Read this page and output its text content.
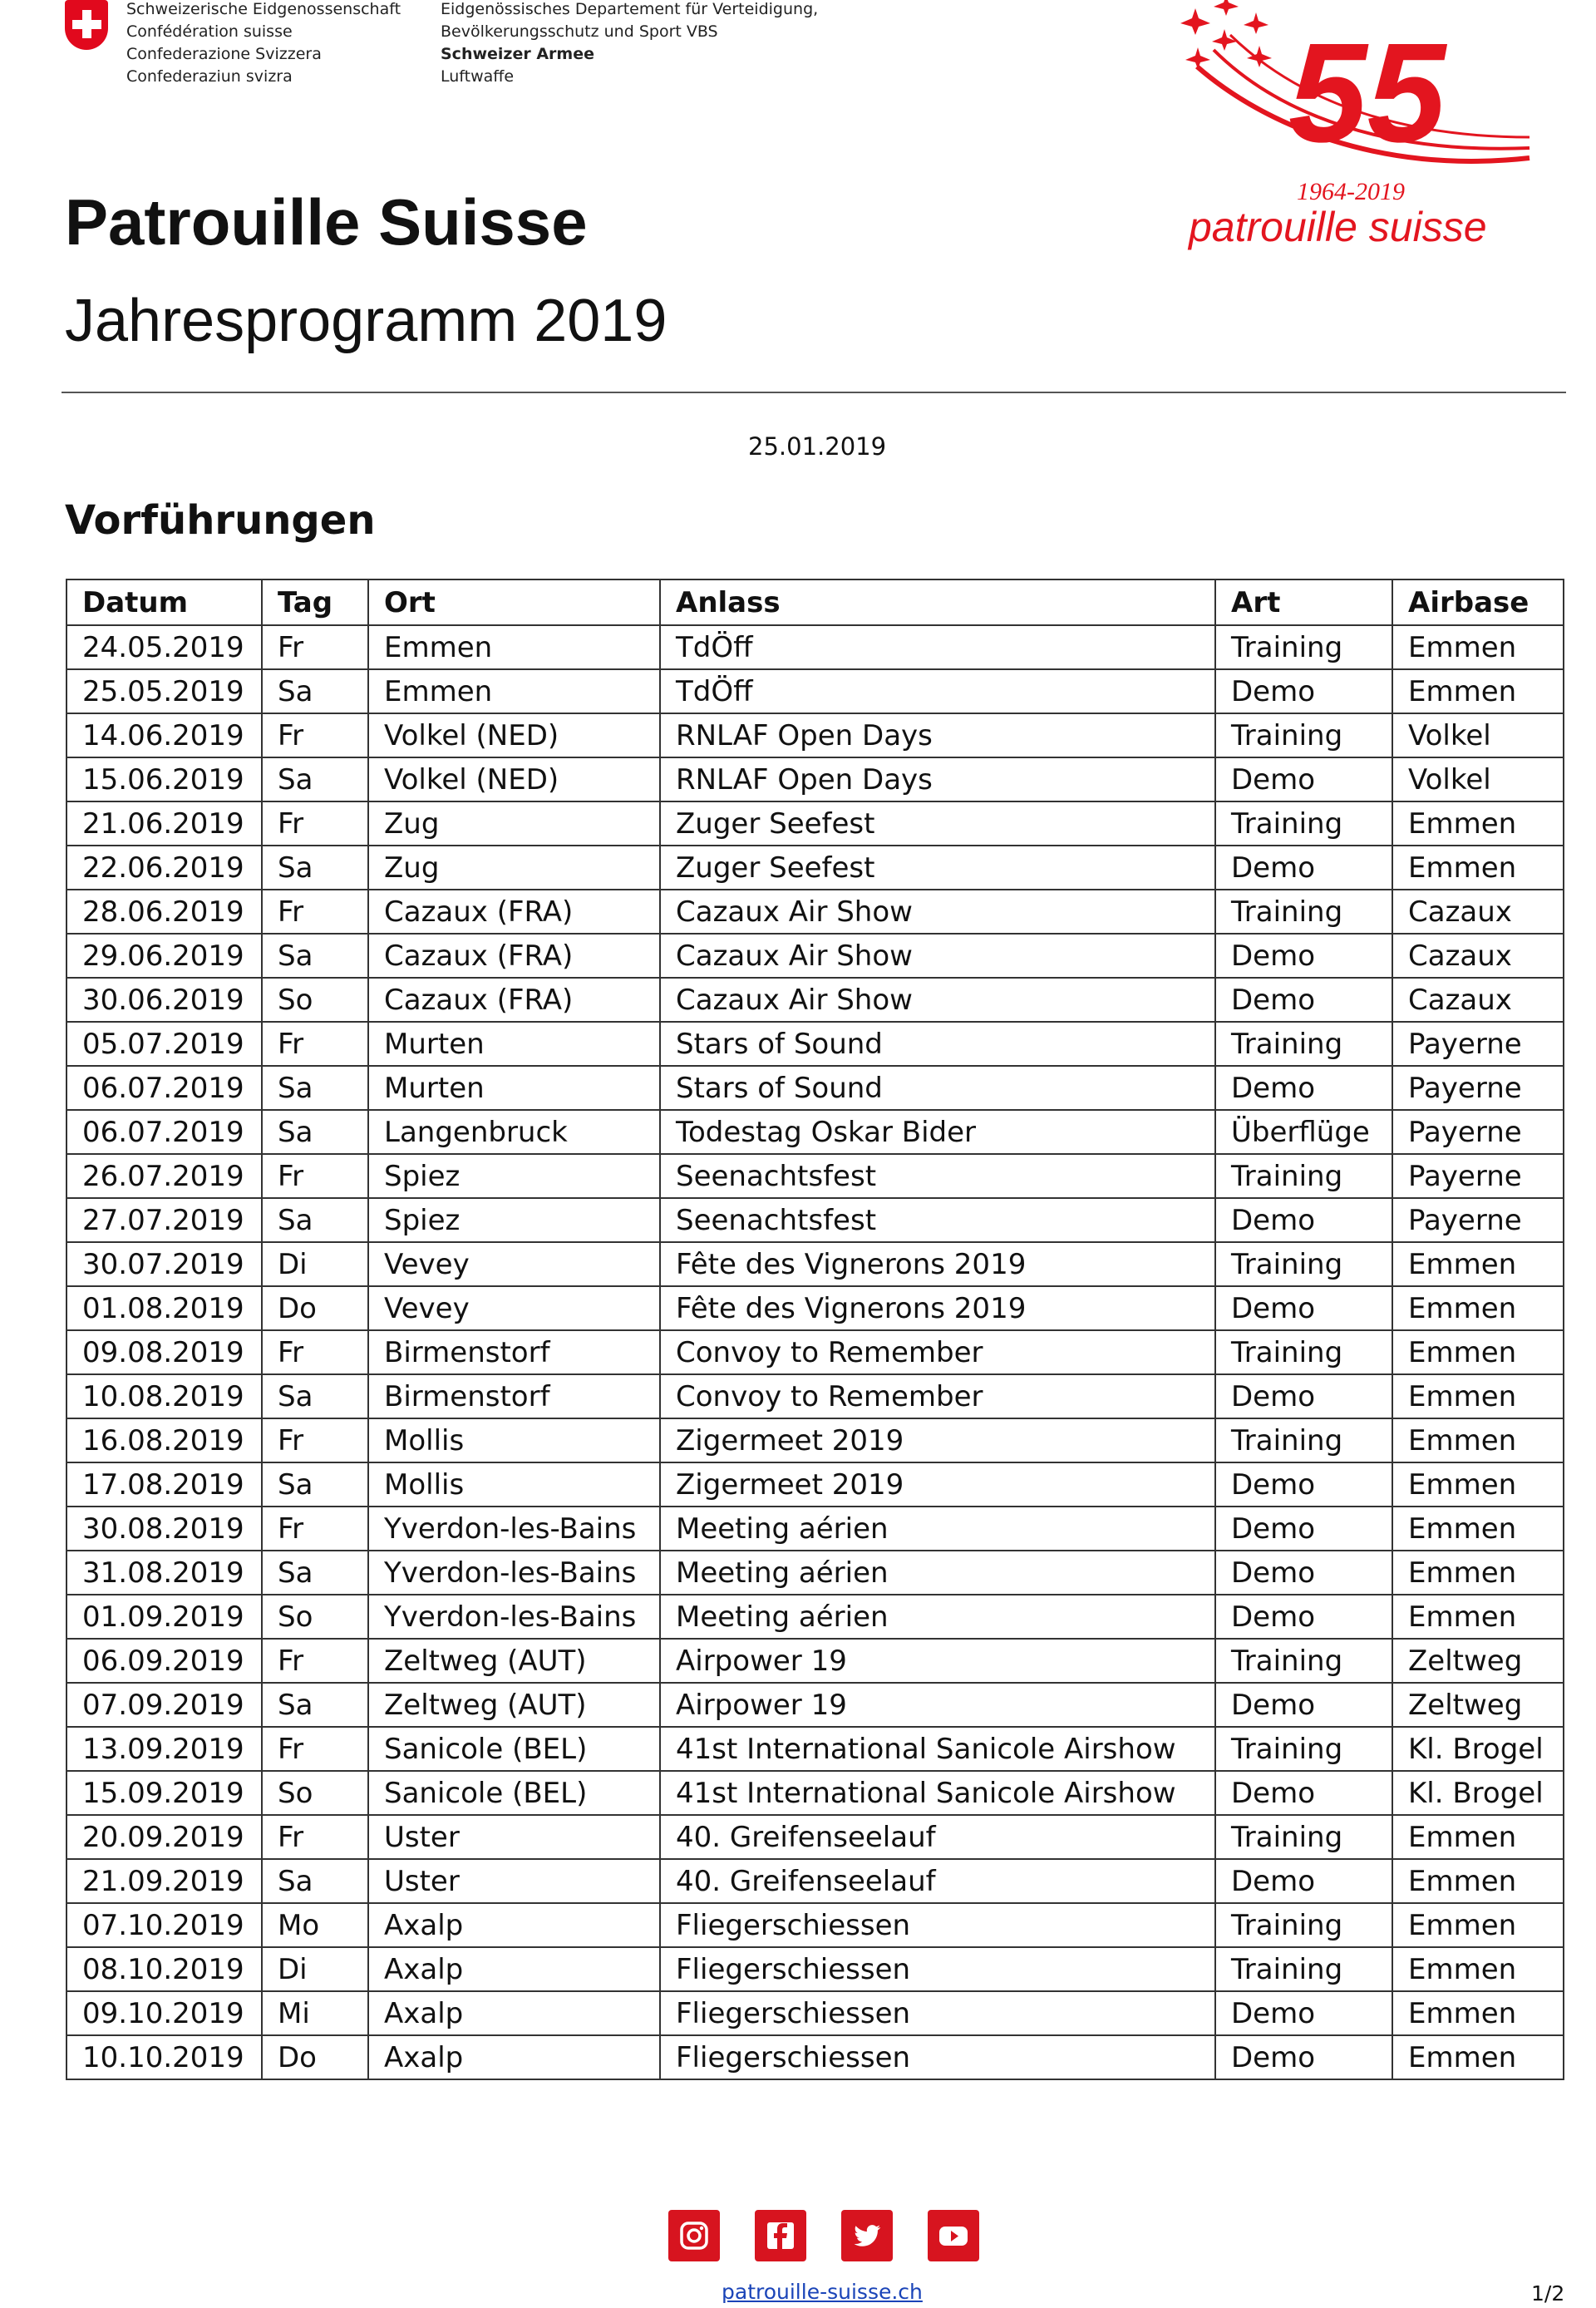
Schweizerische Eidgenossenschaft
Confédération suisse
Confederazione Svizzera
Confederaziun svizra
Eidgenössisches Departement für Verteidigung,
Bevölkerungsschutz und Sport VBS
Schweizer Armee
Luftwaffe	55
1964-2019
patrouille suisse
Patrouille Suisse
Jahresprogramm 2019
25.01.2019
Vorführungen
Datum	Tag	Ort	Anlass	Art	Airbase
24.05.2019	Fr	Emmen	TdÖff	Training	Emmen
25.05.2019	Sa	Emmen	TdÖff	Demo	Emmen
14.06.2019	Fr	Volkel (NED)	RNLAF Open Days	Training	Volkel
15.06.2019	Sa	Volkel (NED)	RNLAF Open Days	Demo	Volkel
21.06.2019	Fr	Zug	Zuger Seefest	Training	Emmen
22.06.2019	Sa	Zug	Zuger Seefest	Demo	Emmen
28.06.2019	Fr	Cazaux (FRA)	Cazaux Air Show	Training	Cazaux
29.06.2019	Sa	Cazaux (FRA)	Cazaux Air Show	Demo	Cazaux
30.06.2019	So	Cazaux (FRA)	Cazaux Air Show	Demo	Cazaux
05.07.2019	Fr	Murten	Stars of Sound	Training	Payerne
06.07.2019	Sa	Murten	Stars of Sound	Demo	Payerne
06.07.2019	Sa	Langenbruck	Todestag Oskar Bider	Überflüge	Payerne
26.07.2019	Fr	Spiez	Seenachtsfest	Training	Payerne
27.07.2019	Sa	Spiez	Seenachtsfest	Demo	Payerne
30.07.2019	Di	Vevey	Fête des Vignerons 2019	Training	Emmen
01.08.2019	Do	Vevey	Fête des Vignerons 2019	Demo	Emmen
09.08.2019	Fr	Birmenstorf	Convoy to Remember	Training	Emmen
10.08.2019	Sa	Birmenstorf	Convoy to Remember	Demo	Emmen
16.08.2019	Fr	Mollis	Zigermeet 2019	Training	Emmen
17.08.2019	Sa	Mollis	Zigermeet 2019	Demo	Emmen
30.08.2019	Fr	Yverdon-les-Bains	Meeting aérien	Demo	Emmen
31.08.2019	Sa	Yverdon-les-Bains	Meeting aérien	Demo	Emmen
01.09.2019	So	Yverdon-les-Bains	Meeting aérien	Demo	Emmen
06.09.2019	Fr	Zeltweg (AUT)	Airpower 19	Training	Zeltweg
07.09.2019	Sa	Zeltweg (AUT)	Airpower 19	Demo	Zeltweg
13.09.2019	Fr	Sanicole (BEL)	41st International Sanicole Airshow	Training	Kl. Brogel
15.09.2019	So	Sanicole (BEL)	41st International Sanicole Airshow	Demo	Kl. Brogel
20.09.2019	Fr	Uster	40. Greifenseelauf	Training	Emmen
21.09.2019	Sa	Uster	40. Greifenseelauf	Demo	Emmen
07.10.2019	Mo	Axalp	Fliegerschiessen	Training	Emmen
08.10.2019	Di	Axalp	Fliegerschiessen	Training	Emmen
09.10.2019	Mi	Axalp	Fliegerschiessen	Demo	Emmen
10.10.2019	Do	Axalp	Fliegerschiessen	Demo	Emmen
patrouille-suisse.ch	1/2
